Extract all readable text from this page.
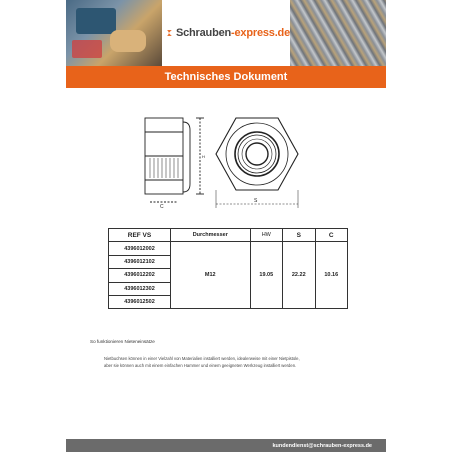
Schrauben-express.de
Technisches Dokument
H
C
S
REF VS	Durchmesser	HW	S	C
4396012002	M12	19.05	22.22	10.16
4396012102				
4396012202				
4396012302				
4396012502				
So funktionieren Nieteneinsätze
Nietbuchsen können in einer Vielzahl von Materialien installiert werden, idealerweise mit einer Nietpistole,
aber sie können auch mit einem einfachen Hammer und einem geeigneten Werkzeug installiert werden.
kundendienst@schrauben-express.de
